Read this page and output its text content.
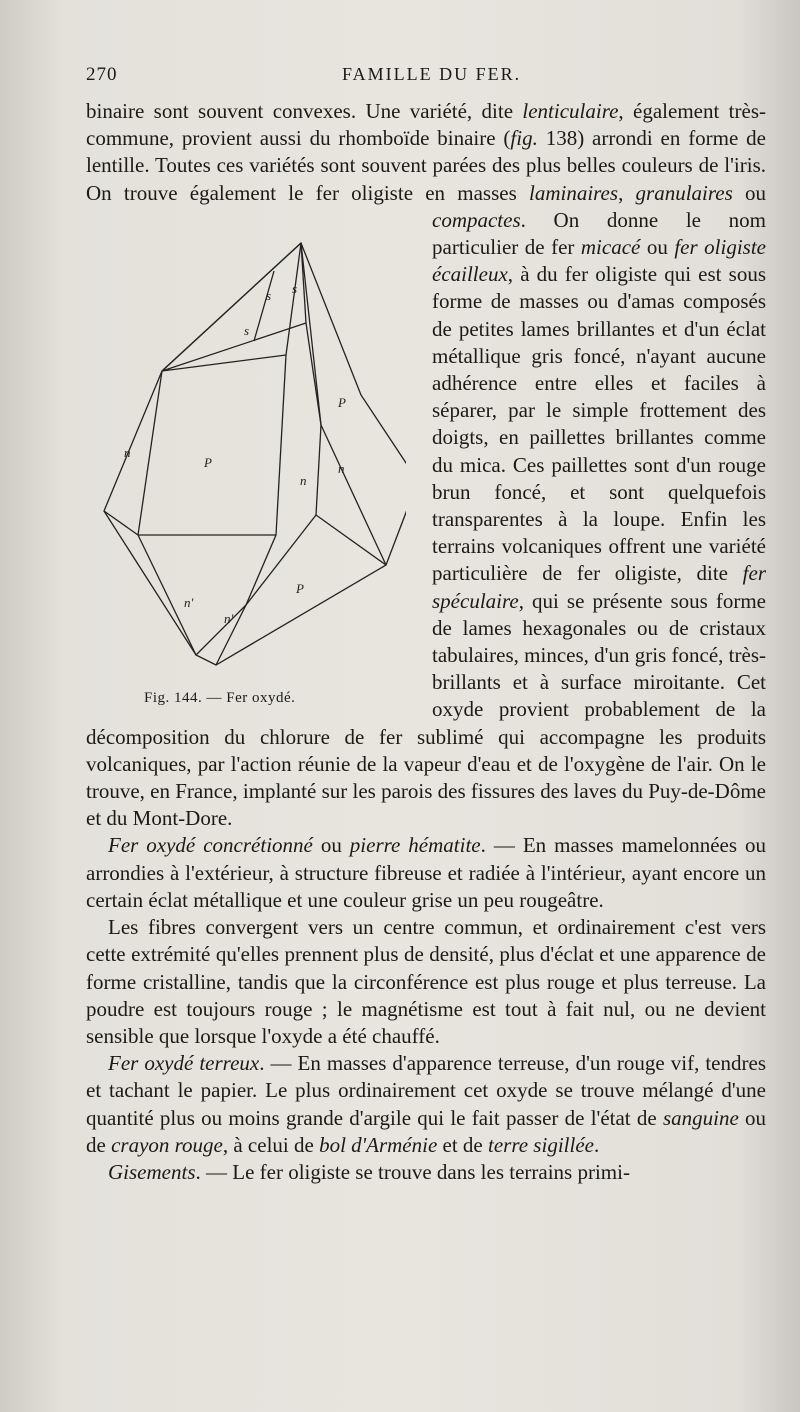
270	FAMILLE DU FER.

binaire sont souvent convexes. Une variété, dite lenticulaire, également très-commune, provient aussi du rhomboïde binaire (fig. 138) arrondi en forme de lentille. Toutes ces variétés sont souvent parées des plus belles couleurs de l'iris. On trouve également le fer oligiste en masses
s s
s
P
P
P
n
n
n
n'
n'
Fig. 144. — Fer oxydé.
laminaires, granulaires ou compactes. On donne le nom particulier de fer micacé ou fer oligiste écailleux, à du fer oligiste qui est sous forme de masses ou d'amas composés de petites lames brillantes et d'un éclat métallique gris foncé, n'ayant aucune adhérence entre elles et faciles à séparer, par le simple frottement des doigts, en paillettes brillantes comme du mica. Ces paillettes sont d'un rouge brun foncé, et sont quelquefois transparentes à la loupe. Enfin les terrains volcaniques offrent une variété particulière de fer oligiste, dite fer spéculaire, qui se présente sous forme de lames hexagonales ou de cristaux tabulaires, minces, d'un gris foncé, très-brillants et à surface miroitante. Cet oxyde provient probablement de la décomposition du chlorure de fer sublimé qui accompagne les produits volcaniques, par l'action réunie de la vapeur d'eau et de l'oxygène de l'air. On le trouve, en France, implanté sur les parois des fissures des laves du Puy-de-Dôme et du Mont-Dore.

Fer oxydé concrétionné ou pierre hématite. — En masses mamelonnées ou arrondies à l'extérieur, à structure fibreuse et radiée à l'intérieur, ayant encore un certain éclat métallique et une couleur grise un peu rougeâtre.

Les fibres convergent vers un centre commun, et ordinairement c'est vers cette extrémité qu'elles prennent plus de densité, plus d'éclat et une apparence de forme cristalline, tandis que la circonférence est plus rouge et plus terreuse. La poudre est toujours rouge ; le magnétisme est tout à fait nul, ou ne devient sensible que lorsque l'oxyde a été chauffé.

Fer oxydé terreux. — En masses d'apparence terreuse, d'un rouge vif, tendres et tachant le papier. Le plus ordinairement cet oxyde se trouve mélangé d'une quantité plus ou moins grande d'argile qui le fait passer de l'état de sanguine ou de crayon rouge, à celui de bol d'Arménie et de terre sigillée.

Gisements. — Le fer oligiste se trouve dans les terrains primi-
